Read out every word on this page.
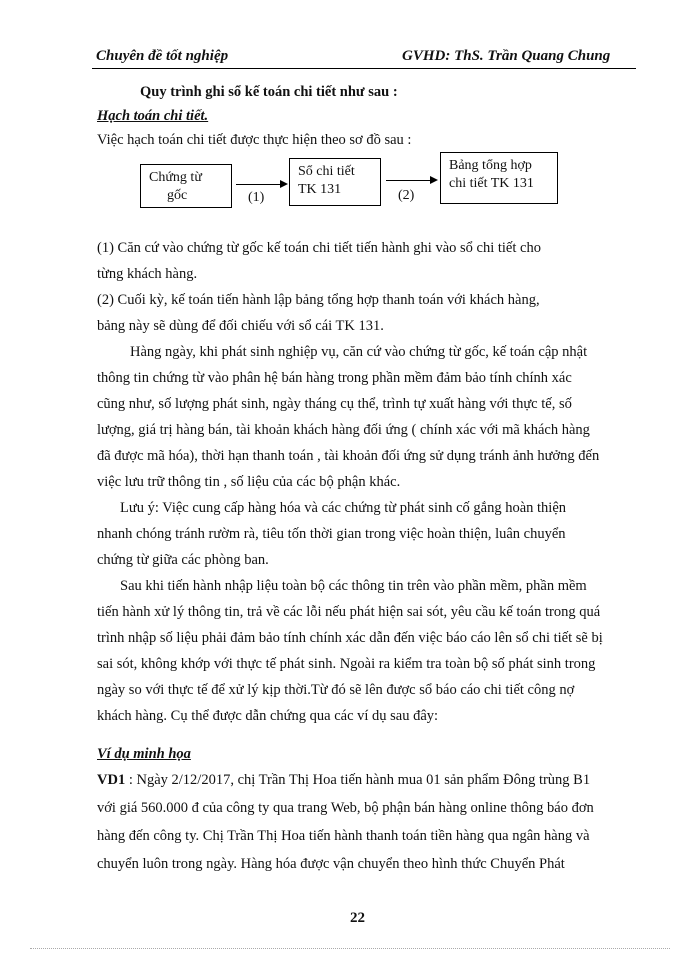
Chuyên đề tốt nghiệp	GVHD: ThS. Trần Quang Chung
Quy trình ghi sổ kế toán chi tiết như sau :
Hạch toán chi tiết.
Việc hạch toán chi tiết được thực hiện theo sơ đồ sau :
Chứng từ
gốc	(1)
Sổ chi tiết
TK 131	(2)
Bảng tổng hợp
chi tiết TK 131
(1) Căn cứ vào chứng từ gốc kế toán chi tiết tiến hành ghi vào sổ chi tiết cho
từng khách hàng.
(2) Cuối kỳ, kế toán tiến hành lập bảng tổng hợp thanh toán với khách hàng,
bảng này sẽ dùng để đối chiếu với sổ cái TK 131.
Hàng ngày, khi phát sinh nghiệp vụ, căn cứ vào chứng từ gốc, kế toán cập nhật
thông tin chứng từ vào phân hệ bán hàng trong phần mềm đảm bảo tính chính xác
cũng như, số lượng phát sinh, ngày tháng cụ thể, trình tự xuất hàng với thực tế, số
lượng, giá trị hàng bán, tài khoản khách hàng đối ứng ( chính xác với mã khách hàng
đã được mã hóa), thời hạn thanh toán , tài khoản đối ứng sử dụng tránh ảnh hưởng đến
việc lưu trữ thông tin , số liệu của các bộ phận khác.
Lưu ý: Việc cung cấp hàng hóa và các chứng từ phát sinh cố gắng hoàn thiện
nhanh chóng tránh rườm rà, tiêu tốn thời gian trong việc hoàn thiện, luân chuyển
chứng từ giữa các phòng ban.
Sau khi tiến hành nhập liệu toàn bộ các thông tin trên vào phần mềm, phần mềm
tiến hành xử lý thông tin, trả về các lỗi nếu phát hiện sai sót, yêu cầu kế toán trong quá
trình nhập số liệu phải đảm bảo tính chính xác dẫn đến việc báo cáo lên sổ chi tiết sẽ bị
sai sót, không khớp với thực tế phát sinh. Ngoài ra kiểm tra toàn bộ số phát sinh trong
ngày so với thực tế để xử lý kịp thời.Từ đó sẽ lên được sổ báo cáo chi tiết công nợ
khách hàng. Cụ thể được dẫn chứng qua các ví dụ sau đây:
Ví dụ minh họa
VD1 : Ngày 2/12/2017, chị Trần Thị Hoa tiến hành mua 01 sản phẩm Đông trùng B1
với giá 560.000 đ của công ty qua trang Web, bộ phận bán hàng online thông báo đơn
hàng đến công ty. Chị Trần Thị Hoa tiến hành thanh toán tiền hàng qua ngân hàng và
chuyển luôn trong ngày. Hàng hóa được vận chuyển theo hình thức Chuyển Phát
22
